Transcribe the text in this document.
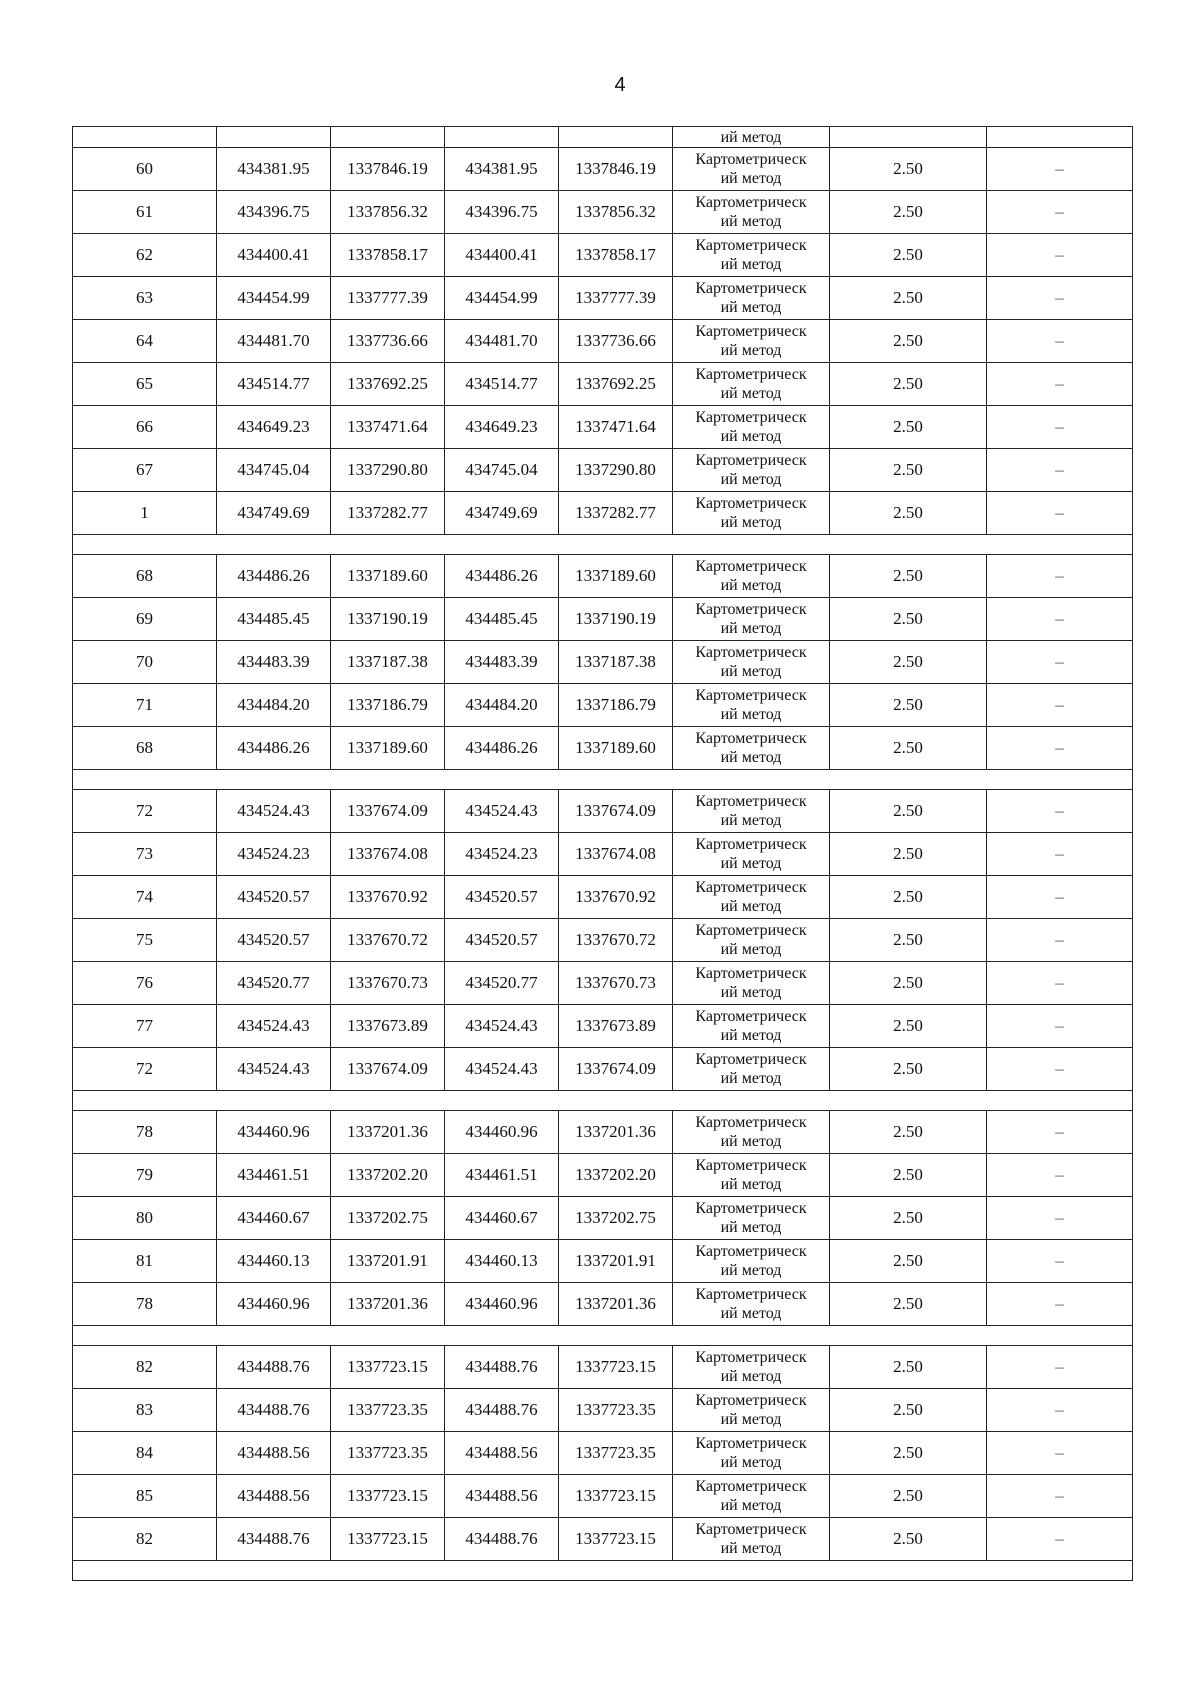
4
					ий метод		
60	434381.95	1337846.19	434381.95	1337846.19	Картометрическ
ий метод	2.50	–
61	434396.75	1337856.32	434396.75	1337856.32	Картометрическ
ий метод	2.50	–
62	434400.41	1337858.17	434400.41	1337858.17	Картометрическ
ий метод	2.50	–
63	434454.99	1337777.39	434454.99	1337777.39	Картометрическ
ий метод	2.50	–
64	434481.70	1337736.66	434481.70	1337736.66	Картометрическ
ий метод	2.50	–
65	434514.77	1337692.25	434514.77	1337692.25	Картометрическ
ий метод	2.50	–
66	434649.23	1337471.64	434649.23	1337471.64	Картометрическ
ий метод	2.50	–
67	434745.04	1337290.80	434745.04	1337290.80	Картометрическ
ий метод	2.50	–
1	434749.69	1337282.77	434749.69	1337282.77	Картометрическ
ий метод	2.50	–

68	434486.26	1337189.60	434486.26	1337189.60	Картометрическ
ий метод	2.50	–
69	434485.45	1337190.19	434485.45	1337190.19	Картометрическ
ий метод	2.50	–
70	434483.39	1337187.38	434483.39	1337187.38	Картометрическ
ий метод	2.50	–
71	434484.20	1337186.79	434484.20	1337186.79	Картометрическ
ий метод	2.50	–
68	434486.26	1337189.60	434486.26	1337189.60	Картометрическ
ий метод	2.50	–

72	434524.43	1337674.09	434524.43	1337674.09	Картометрическ
ий метод	2.50	–
73	434524.23	1337674.08	434524.23	1337674.08	Картометрическ
ий метод	2.50	–
74	434520.57	1337670.92	434520.57	1337670.92	Картометрическ
ий метод	2.50	–
75	434520.57	1337670.72	434520.57	1337670.72	Картометрическ
ий метод	2.50	–
76	434520.77	1337670.73	434520.77	1337670.73	Картометрическ
ий метод	2.50	–
77	434524.43	1337673.89	434524.43	1337673.89	Картометрическ
ий метод	2.50	–
72	434524.43	1337674.09	434524.43	1337674.09	Картометрическ
ий метод	2.50	–

78	434460.96	1337201.36	434460.96	1337201.36	Картометрическ
ий метод	2.50	–
79	434461.51	1337202.20	434461.51	1337202.20	Картометрическ
ий метод	2.50	–
80	434460.67	1337202.75	434460.67	1337202.75	Картометрическ
ий метод	2.50	–
81	434460.13	1337201.91	434460.13	1337201.91	Картометрическ
ий метод	2.50	–
78	434460.96	1337201.36	434460.96	1337201.36	Картометрическ
ий метод	2.50	–

82	434488.76	1337723.15	434488.76	1337723.15	Картометрическ
ий метод	2.50	–
83	434488.76	1337723.35	434488.76	1337723.35	Картометрическ
ий метод	2.50	–
84	434488.56	1337723.35	434488.56	1337723.35	Картометрическ
ий метод	2.50	–
85	434488.56	1337723.15	434488.56	1337723.15	Картометрическ
ий метод	2.50	–
82	434488.76	1337723.15	434488.76	1337723.15	Картометрическ
ий метод	2.50	–
